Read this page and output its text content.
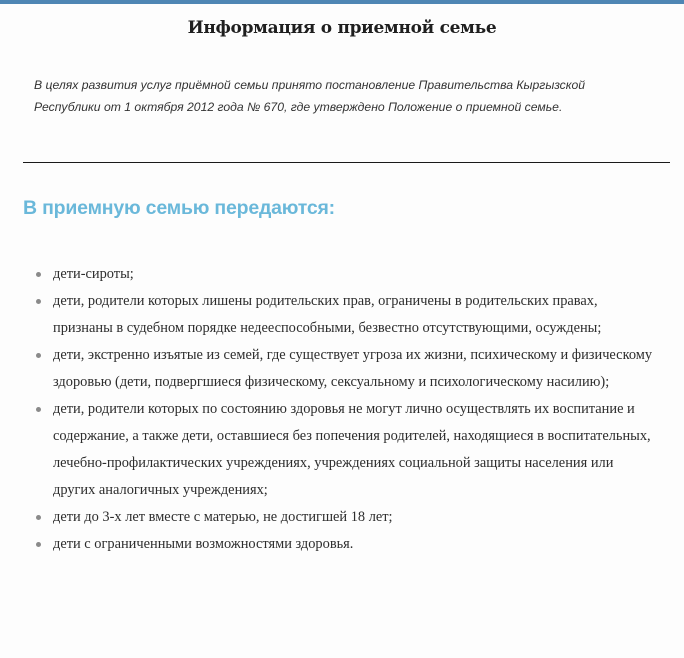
Информация о приемной семье

В целях развития услуг приёмной семьи принято постановление Правительства Кыргызской Республики от 1 октября 2012 года № 670, где утверждено Положение о приемной семье.

В приемную семью передаются:
дети-сироты;
дети, родители которых лишены родительских прав, ограничены в родительских правах, признаны в судебном порядке недееспособными, безвестно отсутствующими, осуждены;
дети, экстренно изъятые из семей, где существует угроза их жизни, психическому и физическому здоровью (дети, подвергшиеся физическому, сексуальному и психологическому насилию);
дети, родители которых по состоянию здоровья не могут лично осуществлять их воспитание и содержание, а также дети, оставшиеся без попечения родителей, находящиеся в воспитательных, лечебно-профилактических учреждениях, учреждениях социальной защиты населения или других аналогичных учреждениях;
дети до 3-х лет вместе с матерью, не достигшей 18 лет;
дети с ограниченными возможностями здоровья.
